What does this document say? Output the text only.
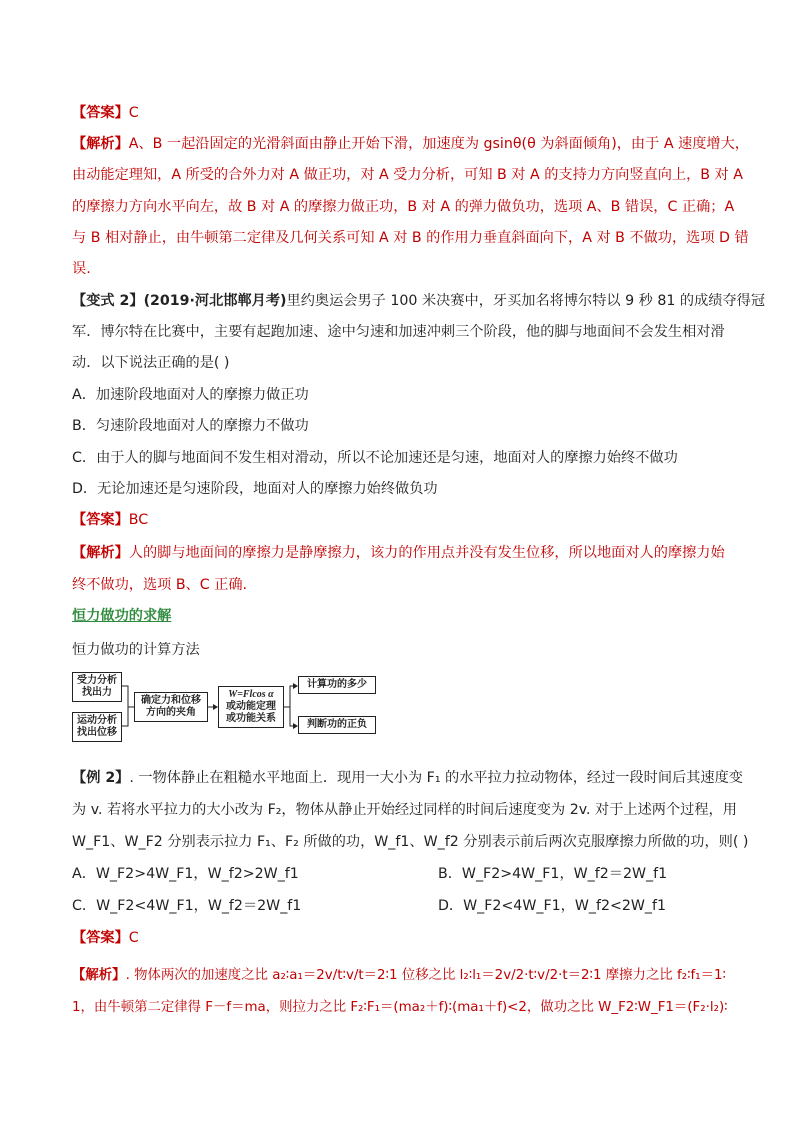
【答案】C
【解析】A、B 一起沿固定的光滑斜面由静止开始下滑，加速度为 gsinθ(θ 为斜面倾角)，由于 A 速度增大，
由动能定理知，A 所受的合外力对 A 做正功，对 A 受力分析，可知 B 对 A 的支持力方向竖直向上，B 对 A
的摩擦力方向水平向左，故 B 对 A 的摩擦力做正功，B 对 A 的弹力做负功，选项 A、B 错误，C 正确；A
与 B 相对静止，由牛顿第二定律及几何关系可知 A 对 B 的作用力垂直斜面向下，A 对 B 不做功，选项 D 错
误.
【变式 2】(2019·河北邯郸月考)里约奥运会男子 100 米决赛中，牙买加名将博尔特以 9 秒 81 的成绩夺得冠
军．博尔特在比赛中，主要有起跑加速、途中匀速和加速冲刺三个阶段，他的脚与地面间不会发生相对滑
动．以下说法正确的是( )
A．加速阶段地面对人的摩擦力做正功
B．匀速阶段地面对人的摩擦力不做功
C．由于人的脚与地面间不发生相对滑动，所以不论加速还是匀速，地面对人的摩擦力始终不做功
D．无论加速还是匀速阶段，地面对人的摩擦力始终做负功
【答案】BC
【解析】人的脚与地面间的摩擦力是静摩擦力，该力的作用点并没有发生位移，所以地面对人的摩擦力始
终不做功，选项 B、C 正确.
恒力做功的求解
恒力做功的计算方法
受力分析
找出力
运动分析
找出位移
确定力和位移
方向的夹角
W=Flcos α
或动能定理
或功能关系
计算功的多少
判断功的正负
【例 2】. 一物体静止在粗糙水平地面上．现用一大小为 F₁ 的水平拉力拉动物体，经过一段时间后其速度变
为 v. 若将水平拉力的大小改为 F₂，物体从静止开始经过同样的时间后速度变为 2v. 对于上述两个过程，用
W_F1、W_F2 分别表示拉力 F₁、F₂ 所做的功，W_f1、W_f2 分别表示前后两次克服摩擦力所做的功，则( )
A．W_F2>4W_F1，W_f2>2W_f1	B．W_F2>4W_F1，W_f2＝2W_f1
C．W_F2<4W_F1，W_f2＝2W_f1	D．W_F2<4W_F1，W_f2<2W_f1
【答案】C
【解析】. 物体两次的加速度之比 a₂∶a₁＝2v/t∶v/t＝2∶1 位移之比 l₂∶l₁＝2v/2·t∶v/2·t＝2∶1 摩擦力之比 f₂∶f₁＝1∶
1，由牛顿第二定律得 F－f＝ma，则拉力之比 F₂∶F₁＝(ma₂＋f)∶(ma₁＋f)<2，做功之比 W_F2∶W_F1＝(F₂·l₂)∶
